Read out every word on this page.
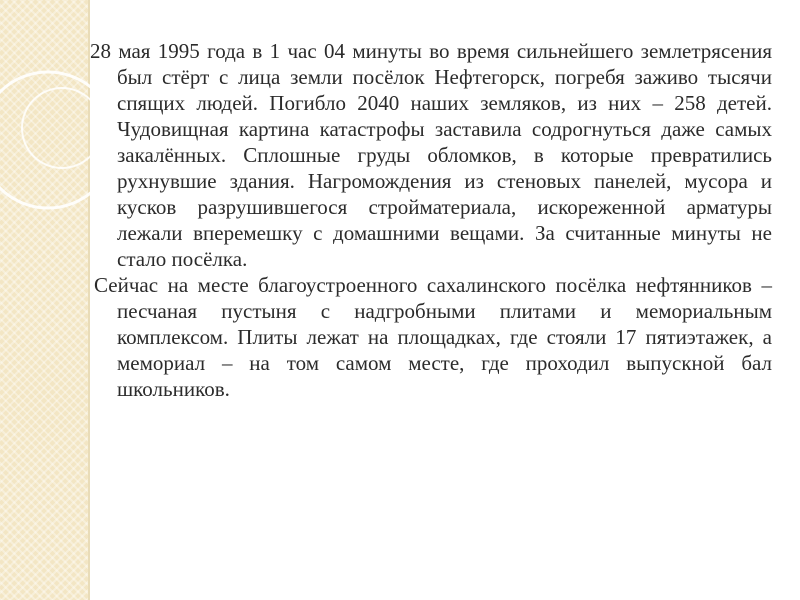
28 мая 1995 года в 1 час 04 минуты во время сильнейшего землетрясения был стёрт с лица земли посёлок Нефтегорск, погребя заживо тысячи спящих людей. Погибло 2040 наших земляков, из них – 258 детей. Чудовищная картина катастрофы заставила содрогнуться даже самых закалённых. Сплошные груды обломков, в которые превратились рухнувшие здания. Нагромождения из стеновых панелей, мусора и кусков разрушившегося стройматериала, искореженной арматуры лежали вперемешку с домашними вещами. За считанные минуты не стало посёлка.

Сейчас на месте благоустроенного сахалинского посёлка нефтянников – песчаная пустыня с надгробными плитами и мемориальным комплексом. Плиты лежат на площадках, где стояли 17 пятиэтажек, а мемориал – на том самом месте, где проходил выпускной бал школьников.
